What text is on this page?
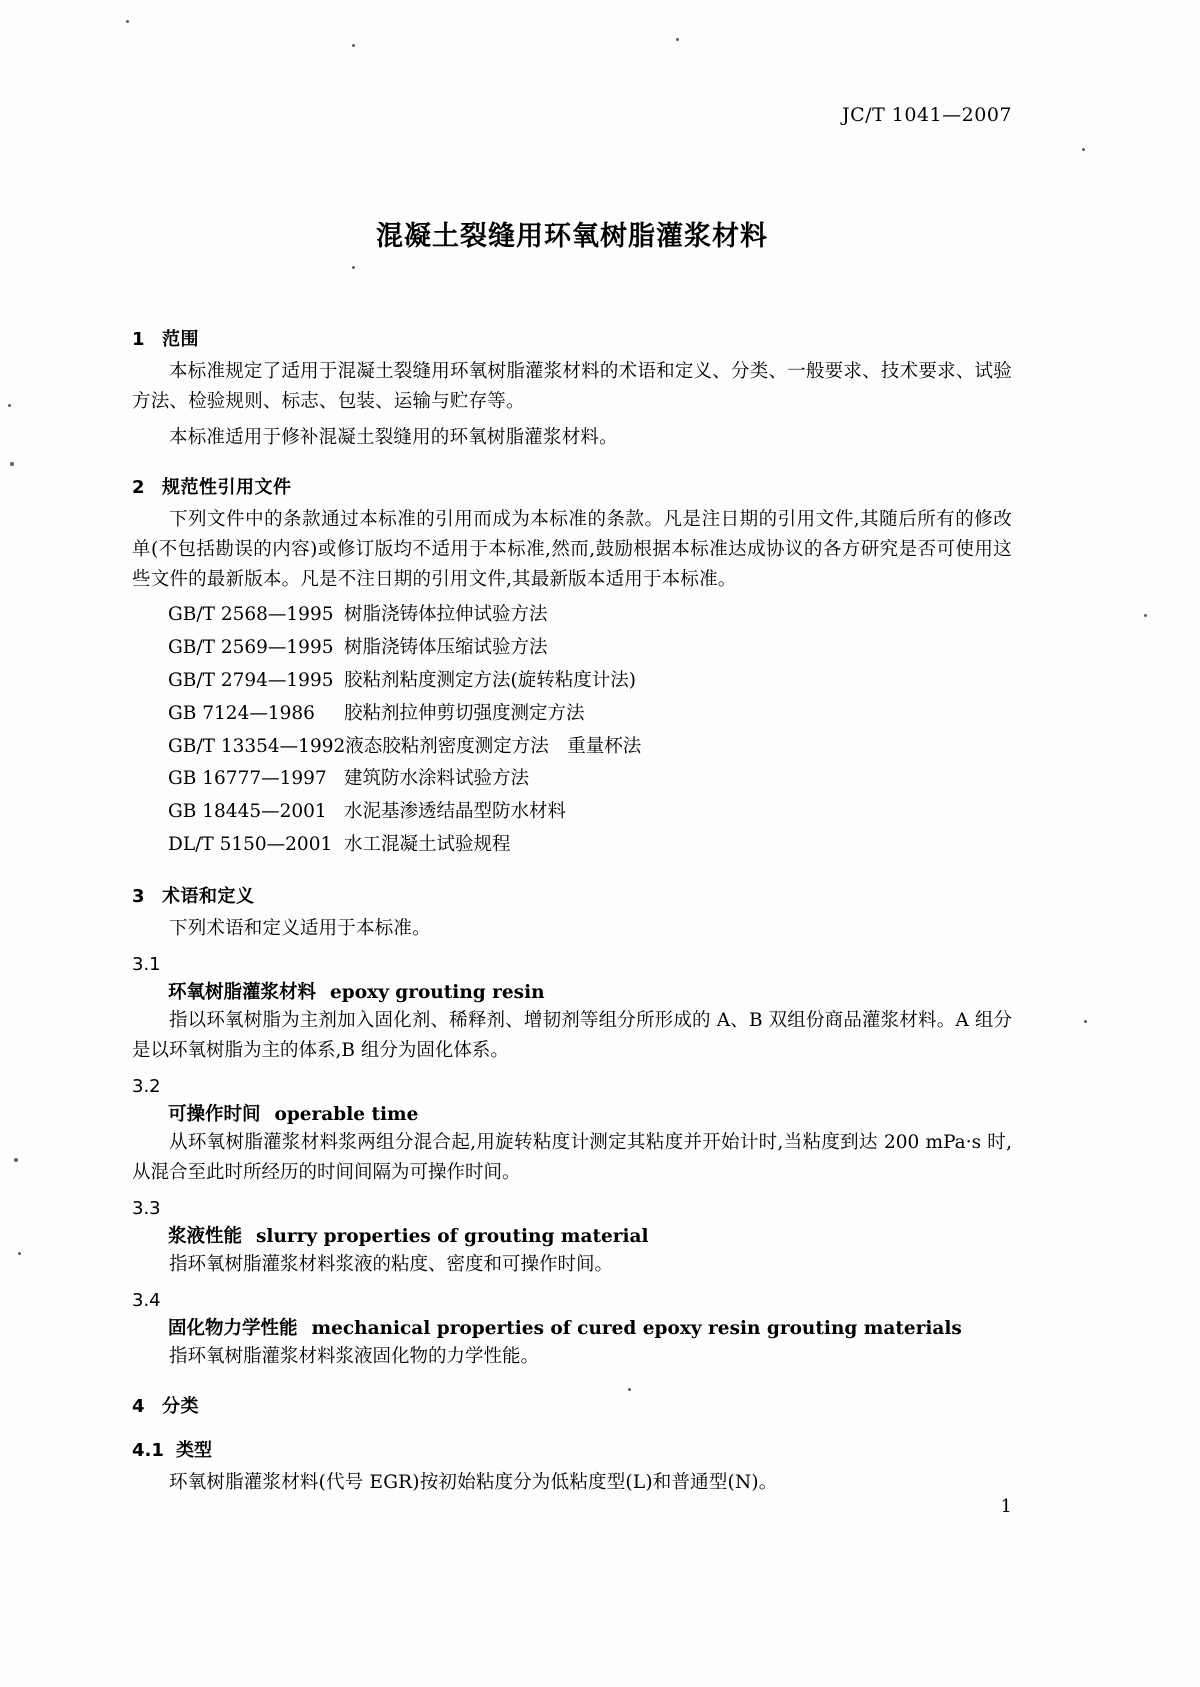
JC/T 1041—2007
混凝土裂缝用环氧树脂灌浆材料
1 范围

本标准规定了适用于混凝土裂缝用环氧树脂灌浆材料的术语和定义、分类、一般要求、技术要求、试验方法、检验规则、标志、包装、运输与贮存等。

本标准适用于修补混凝土裂缝用的环氧树脂灌浆材料。

2 规范性引用文件

下列文件中的条款通过本标准的引用而成为本标准的条款。凡是注日期的引用文件,其随后所有的修改单(不包括勘误的内容)或修订版均不适用于本标准,然而,鼓励根据本标准达成协议的各方研究是否可使用这些文件的最新版本。凡是不注日期的引用文件,其最新版本适用于本标准。

GB/T 2568—1995 树脂浇铸体拉伸试验方法
GB/T 2569—1995 树脂浇铸体压缩试验方法
GB/T 2794—1995 胶粘剂粘度测定方法(旋转粘度计法)
GB 7124—1986 胶粘剂拉伸剪切强度测定方法
GB/T 13354—1992液态胶粘剂密度测定方法　重量杯法
GB 16777—1997 建筑防水涂料试验方法
GB 18445—2001 水泥基渗透结晶型防水材料
DL/T 5150—2001 水工混凝土试验规程
3 术语和定义

下列术语和定义适用于本标准。

3.1
环氧树脂灌浆材料 epoxy grouting resin

指以环氧树脂为主剂加入固化剂、稀释剂、增韧剂等组分所形成的 A、B 双组份商品灌浆材料。A 组分是以环氧树脂为主的体系,B 组分为固化体系。

3.2
可操作时间 operable time

从环氧树脂灌浆材料浆两组分混合起,用旋转粘度计测定其粘度并开始计时,当粘度到达 200 mPa·s 时,从混合至此时所经历的时间间隔为可操作时间。

3.3
浆液性能 slurry properties of grouting material

指环氧树脂灌浆材料浆液的粘度、密度和可操作时间。

3.4
固化物力学性能 mechanical properties of cured epoxy resin grouting materials

指环氧树脂灌浆材料浆液固化物的力学性能。

4 分类
4.1 类型

环氧树脂灌浆材料(代号 EGR)按初始粘度分为低粘度型(L)和普通型(N)。

1
